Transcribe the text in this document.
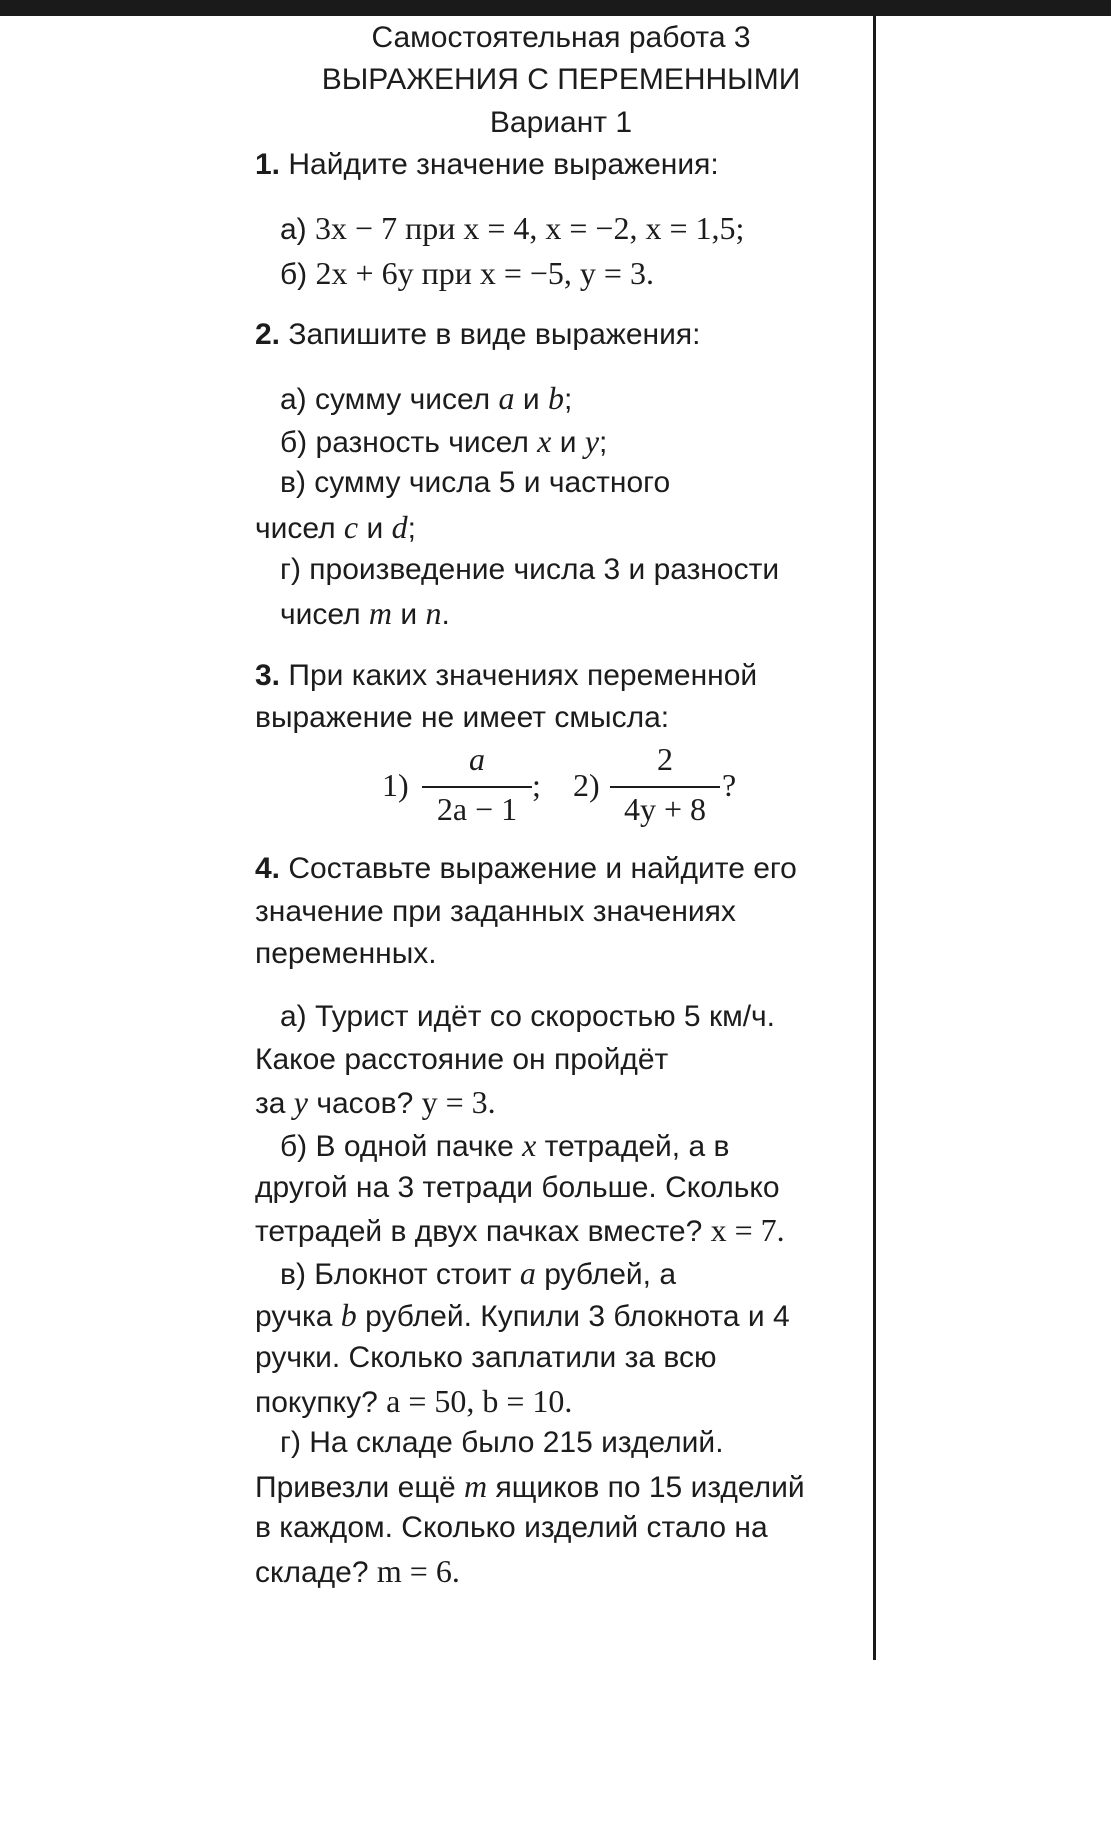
Самостоятельная работа 3
ВЫРАЖЕНИЯ С ПЕРЕМЕННЫМИ
Вариант 1
1. Найдите значение выражения:
а) 3x − 7 при x = 4, x = −2, x = 1,5;
б) 2x + 6y при x = −5, y = 3.
2. Запишите в виде выражения:
а) сумму чисел a и b;
б) разность чисел x и y;
в) сумму числа 5 и частного
чисел c и d;
г) произведение числа 3 и разности
чисел m и n.
3. При каких значениях переменной
выражение не имеет смысла:
1)
a
2a − 1
; 2)
2
4y + 8
?
4. Составьте выражение и найдите его
значение при заданных значениях
переменных.
а) Турист идёт со скоростью 5 км/ч.
Какое расстояние он пройдёт
за y часов? y = 3.
б) В одной пачке x тетрадей, а в
другой на 3 тетради больше. Сколько
тетрадей в двух пачках вместе? x = 7.
в) Блокнот стоит a рублей, а
ручка b рублей. Купили 3 блокнота и 4
ручки. Сколько заплатили за всю
покупку? a = 50, b = 10.
г) На складе было 215 изделий.
Привезли ещё m ящиков по 15 изделий
в каждом. Сколько изделий стало на
складе? m = 6.
